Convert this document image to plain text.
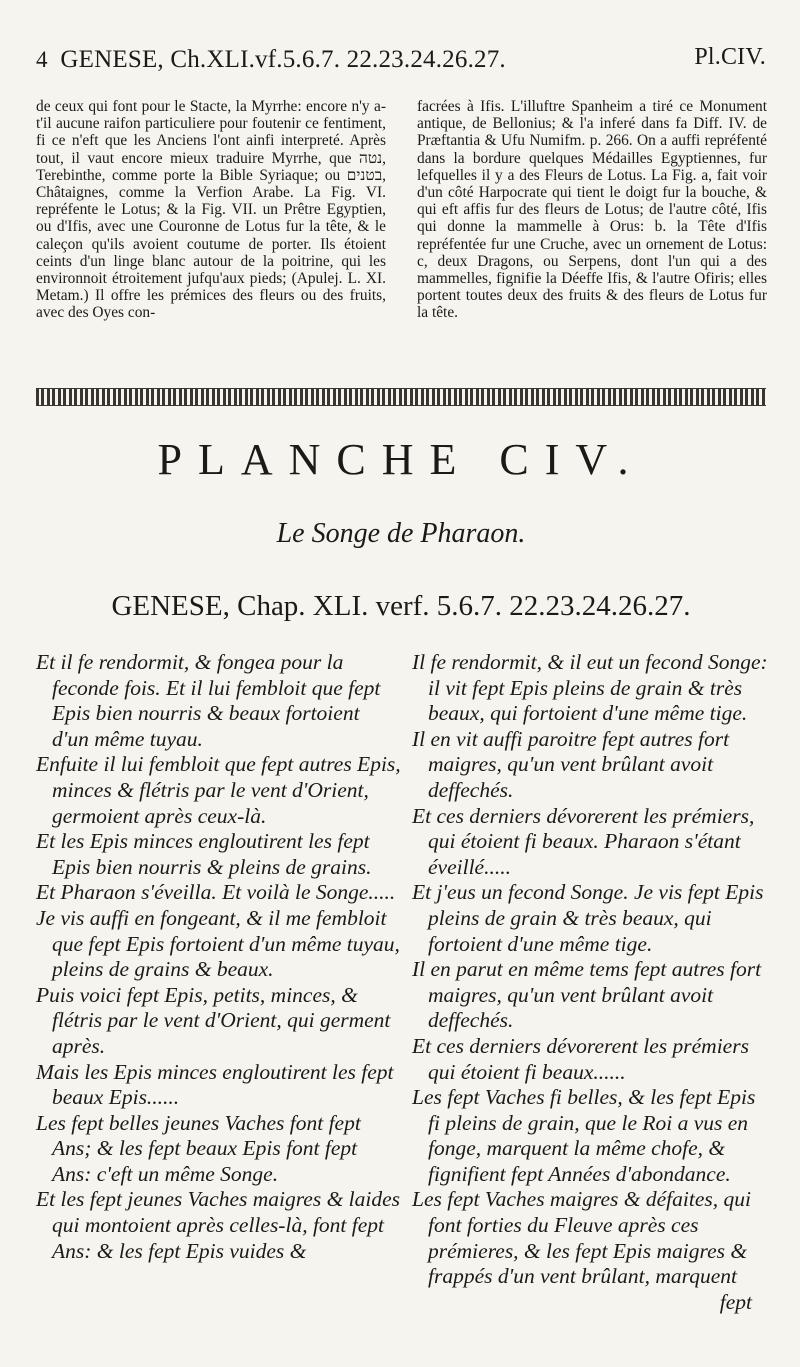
4 GENESE, Ch.XLI.vf.5.6.7. 22.23.24.26.27.	Pl.CIV.

de ceux qui font pour le Stacte, la Myrrhe: encore n'y a-t'il aucune raifon particuliere pour foutenir ce fentiment, fi ce n'eft que les Anciens l'ont ainfi interpreté. Après tout, il vaut encore mieux traduire Myrrhe, que נטה, Terebinthe, comme porte la Bible Syriaque; ou בטנים, Châtaignes, comme la Verfion Arabe. La Fig. VI. repréfente le Lotus; & la Fig. VII. un Prêtre Egyptien, ou d'Ifis, avec une Couronne de Lotus fur la tête, & le caleçon qu'ils avoient coutume de porter. Ils étoient ceints d'un linge blanc autour de la poitrine, qui les environnoit étroitement jufqu'aux pieds; (Apulej. L. XI. Metam.) Il offre les prémices des fleurs ou des fruits, avec des Oyes con-

facrées à Ifis. L'illuftre Spanheim a tiré ce Monument antique, de Bellonius; & l'a inferé dans fa Diff. IV. de Præftantia & Ufu Numifm. p. 266. On a auffi repréfenté dans la bordure quelques Médailles Egyptiennes, fur lefquelles il y a des Fleurs de Lotus. La Fig. a, fait voir d'un côté Harpocrate qui tient le doigt fur la bouche, & qui eft affis fur des fleurs de Lotus; de l'autre côté, Ifis qui donne la mammelle à Orus: b. la Tête d'Ifis repréfentée fur une Cruche, avec un ornement de Lotus: c, deux Dragons, ou Serpens, dont l'un qui a des mammelles, fignifie la Déeffe Ifis, & l'autre Ofiris; elles portent toutes deux des fruits & des fleurs de Lotus fur la tête.

PLANCHE CIV.
Le Songe de Pharaon.
GENESE, Chap. XLI. verf. 5.6.7. 22.23.24.26.27.

Et il fe rendormit, & fongea pour la feconde fois. Et il lui fembloit que fept Epis bien nourris & beaux fortoient d'un même tuyau.

Enfuite il lui fembloit que fept autres Epis, minces & flétris par le vent d'Orient, germoient après ceux-là.

Et les Epis minces engloutirent les fept Epis bien nourris & pleins de grains.

Et Pharaon s'éveilla. Et voilà le Songe.....

Je vis auffi en fongeant, & il me fembloit que fept Epis fortoient d'un même tuyau, pleins de grains & beaux.

Puis voici fept Epis, petits, minces, & flétris par le vent d'Orient, qui germent après.

Mais les Epis minces engloutirent les fept beaux Epis......

Les fept belles jeunes Vaches font fept Ans; & les fept beaux Epis font fept Ans: c'eft un même Songe.

Et les fept jeunes Vaches maigres & laides qui montoient après celles-là, font fept Ans: & les fept Epis vuides &

Il fe rendormit, & il eut un fecond Songe: il vit fept Epis pleins de grain & très beaux, qui fortoient d'une même tige.

Il en vit auffi paroitre fept autres fort maigres, qu'un vent brûlant avoit deffechés.

Et ces derniers dévorerent les prémiers, qui étoient fi beaux. Pharaon s'étant éveillé.....

Et j'eus un fecond Songe. Je vis fept Epis pleins de grain & très beaux, qui fortoient d'une même tige.

Il en parut en même tems fept autres fort maigres, qu'un vent brûlant avoit deffechés.

Et ces derniers dévorerent les prémiers qui étoient fi beaux......

Les fept Vaches fi belles, & les fept Epis fi pleins de grain, que le Roi a vus en fonge, marquent la même chofe, & fignifient fept Années d'abondance.

Les fept Vaches maigres & défaites, qui font forties du Fleuve après ces prémieres, & les fept Epis maigres & frappés d'un vent brûlant, marquent

fept
